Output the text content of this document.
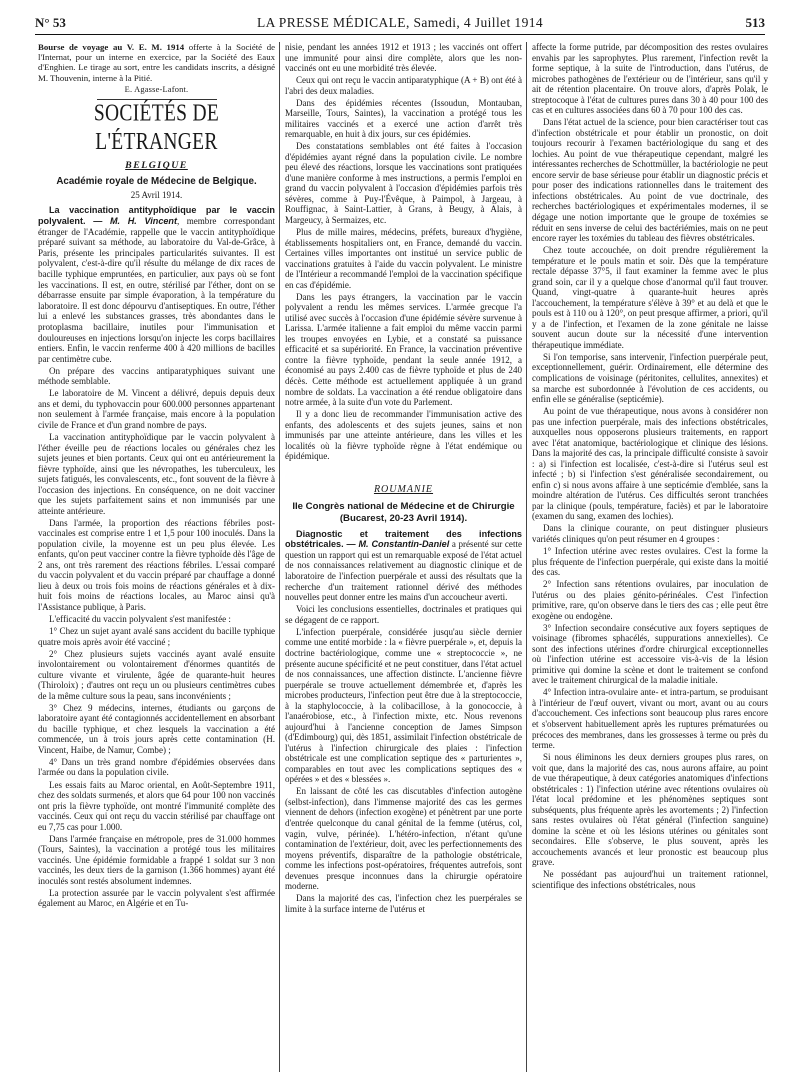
N° 53	LA PRESSE MÉDICALE, Samedi, 4 Juillet 1914	513

Bourse de voyage au V. E. M. 1914 offerte à la Société de l'Internat, pour un interne en exercice, par la Société des Eaux d'Enghien. Le tirage au sort, entre les candidats inscrits, a désigné M. Thouvenin, interne à la Pitié.

E. Agasse-Lafont.

SOCIÉTÉS DE L'ÉTRANGER

BELGIQUE

Académie royale de Médecine de Belgique.

25 Avril 1914.

La vaccination antityphoïdique par le vaccin polyvalent. — M. H. Vincent, membre correspondant étranger de l'Académie, rappelle que le vaccin antityphoïdique préparé suivant sa méthode, au laboratoire du Val-de-Grâce, à Paris, présente les principales particularités suivantes. Il est polyvalent, c'est-à-dire qu'il résulte du mélange de dix races de bacille typhique empruntées, en particulier, aux pays où se font les vaccinations. Il est, en outre, stérilisé par l'éther, dont on se débarrasse ensuite par simple évaporation, à la température du laboratoire. Il est donc dépourvu d'antiseptiques. En outre, l'éther lui a enlevé les substances grasses, très abondantes dans le protoplasma bacillaire, inutiles pour l'immunisation et douloureuses en injections lorsqu'on injecte les corps bacillaires entiers. Enfin, le vaccin renferme 400 à 420 millions de bacilles par centimètre cube.

On prépare des vaccins antiparatyphiques suivant une méthode semblable.

Le laboratoire de M. Vincent a délivré, depuis depuis deux ans et demi, du typhovaccin pour 600.000 personnes appartenant non seulement à l'armée française, mais encore à la population civile de France et d'un grand nombre de pays.

La vaccination antityphoïdique par le vaccin polyvalent à l'éther éveille peu de réactions locales ou générales chez les sujets jeunes et bien portants. Ceux qui ont eu antérieurement la fièvre typhoïde, ainsi que les névropathes, les tuberculeux, les sujets fatigués, les convalescents, etc., font souvent de la fièvre à l'occasion des injections. En conséquence, on ne doit vacciner que les sujets parfaitement sains et non immunisés par une atteinte antérieure.

Dans l'armée, la proportion des réactions fébriles post-vaccinales est comprise entre 1 et 1,5 pour 100 inoculés. Dans la population civile, la moyenne est un peu plus élevée. Les enfants, qu'on peut vacciner contre la fièvre typhoïde dès l'âge de 2 ans, ont très rarement des réactions fébriles. L'essai comparé du vaccin polyvalent et du vaccin préparé par chauffage a donné lieu à deux ou trois fois moins de réactions générales et à dix-huit fois moins de réactions locales, au Maroc ainsi qu'à l'Assistance publique, à Paris.

L'efficacité du vaccin polyvalent s'est manifestée :

1° Chez un sujet ayant avalé sans accident du bacille typhique quatre mois après avoir été vacciné ;

2° Chez plusieurs sujets vaccinés ayant avalé ensuite involontairement ou volontairement d'énormes quantités de culture vivante et virulente, âgée de quarante-huit heures (Thiroloix) ; d'autres ont reçu un ou plusieurs centimètres cubes de la même culture sous la peau, sans inconvénients ;

3° Chez 9 médecins, internes, étudiants ou garçons de laboratoire ayant été contagionnés accidentellement en absorbant du bacille typhique, et chez lesquels la vaccination a été commencée, un à trois jours après cette contamination (H. Vincent, Haibe, de Namur, Combe) ;

4° Dans un très grand nombre d'épidémies observées dans l'armée ou dans la population civile.

Les essais faits au Maroc oriental, en Août-Septembre 1911, chez des soldats surmenés, et alors que 64 pour 100 non vaccinés ont pris la fièvre typhoïde, ont montré l'immunité complète des vaccinés. Ceux qui ont reçu du vaccin stérilisé par chauffage ont eu 7,75 cas pour 1.000.

Dans l'armée française en métropole, pres de 31.000 hommes (Tours, Saintes), la vaccination a protégé tous les militaires vaccinés. Une épidémie formidable a frappé 1 soldat sur 3 non vaccinés, les deux tiers de la garnison (1.366 hommes) ayant été inoculés sont restés absolument indemnes.

La protection assurée par le vaccin polyvalent s'est affirmée également au Maroc, en Algérie et en Tu-

nisie, pendant les années 1912 et 1913 ; les vaccinés ont offert une immunité pour ainsi dire complète, alors que les non-vaccinés ont eu une morbidité très élevée.

Ceux qui ont reçu le vaccin antiparatyphique (A + B) ont été à l'abri des deux maladies.

Dans des épidémies récentes (Issoudun, Montauban, Marseille, Tours, Saintes), la vaccination a protégé tous les militaires vaccinés et a exercé une action d'arrêt très remarquable, en huit à dix jours, sur ces épidémies.

Des constatations semblables ont été faites à l'occasion d'épidémies ayant régné dans la population civile. Le nombre peu élevé des réactions, lorsque les vaccinations sont pratiquées d'une manière conforme à mes instructions, a permis l'emploi en grand du vaccin polyvalent à l'occasion d'épidémies parfois très sévères, comme à Puy-l'Évêque, à Paimpol, à Jargeau, à Rouffignac, à Saint-Lattier, à Grans, à Beugy, à Alais, à Margeucy, à Sermaizes, etc.

Plus de mille maires, médecins, préfets, bureaux d'hygiène, établissements hospitaliers ont, en France, demandé du vaccin. Certaines villes importantes ont institué un service public de vaccinations gratuites à l'aide du vaccin polyvalent. Le ministre de l'Intérieur a recommandé l'emploi de la vaccination spécifique en cas d'épidémie.

Dans les pays étrangers, la vaccination par le vaccin polyvalent a rendu les mêmes services. L'armée grecque l'a utilisé avec succès à l'occasion d'une épidémie sévère survenue à Larissa. L'armée italienne a fait emploi du même vaccin parmi les troupes envoyées en Lybie, et a constaté sa puissance efficacité et sa supériorité. En France, la vaccination préventive contre la fièvre typhoïde, pendant la seule année 1912, a économisé au pays 2.400 cas de fièvre typhoïde et plus de 240 décès. Cette méthode est actuellement appliquée à un grand nombre de soldats. La vaccination a été rendue obligatoire dans notre armée, à la suite d'un vote du Parlement.

Il y a donc lieu de recommander l'immunisation active des enfants, des adolescents et des sujets jeunes, sains et non immunisés par une atteinte antérieure, dans les villes et les localités où la fièvre typhoïde règne à l'état endémique ou épidémique.

ROUMANIE

IIe Congrès national de Médecine et de Chirurgie (Bucarest, 20-23 Avril 1914).

Diagnostic et traitement des infections obstétricales. — M. Constantin-Daniel a présenté sur cette question un rapport qui est un remarquable exposé de l'état actuel de nos connaissances relativement au diagnostic clinique et de laboratoire de l'infection puerpérale et aussi des résultats que la recherche d'un traitement rationnel dérivé des méthodes nouvelles peut donner entre les mains d'un accoucheur averti.

Voici les conclusions essentielles, doctrinales et pratiques qui se dégagent de ce rapport.

L'infection puerpérale, considérée jusqu'au siècle dernier comme une entité morbide : la « fièvre puerpérale », et, depuis la doctrine bactériologique, comme une « streptococcie », ne présente aucune spécificité et ne peut constituer, dans l'état actuel de nos connaissances, une affection distincte. L'ancienne fièvre puerpérale se trouve actuellement démembrée et, d'après les microbes producteurs, l'infection peut être due à la streptococcie, à la staphylococcie, à la colibacillose, à la gonococcie, à l'anaérobiose, etc., à l'infection mixte, etc. Nous revenons aujourd'hui à l'ancienne conception de James Simpson (d'Edimbourg) qui, dès 1851, assimilait l'infection obstétricale de l'utérus à l'infection chirurgicale des plaies : l'infection obstétricale est une complication septique des « parturientes », comparables en tout avec les complications septiques des « opérées » et des « blessées ».

En laissant de côté les cas discutables d'infection autogène (selbst-infection), dans l'immense majorité des cas les germes viennent de dehors (infection exogène) et pénètrent par une porte d'entrée quelconque du canal génital de la femme (utérus, col, vagin, vulve, périnée). L'hétéro-infection, n'étant qu'une contamination de l'extérieur, doit, avec les perfectionnements des moyens préventifs, disparaître de la pathologie obstétricale, comme les infections post-opératoires, fréquentes autrefois, sont devenues presque inconnues dans la chirurgie opératoire moderne.

Dans la majorité des cas, l'infection chez les puerpérales se limite à la surface interne de l'utérus et

affecte la forme putride, par décomposition des restes ovulaires envahis par les saprophytes. Plus rarement, l'infection revêt la forme septique, à la suite de l'introduction, dans l'utérus, de microbes pathogènes de l'extérieur ou de l'intérieur, sans qu'il y ait de rétention placentaire. On trouve alors, d'après Polak, le streptocoque à l'état de cultures pures dans 30 à 40 pour 100 des cas et en cultures associées dans 60 à 70 pour 100 des cas.

Dans l'état actuel de la science, pour bien caractériser tout cas d'infection obstétricale et pour établir un pronostic, on doit toujours recourir à l'examen bactériologique du sang et des lochies. Au point de vue thérapeutique cependant, malgré les intéressantes recherches de Schottmüller, la bactériologie ne peut encore servir de base sérieuse pour établir un diagnostic précis et pour poser des indications rationnelles dans le traitement des infections obstétricales. Au point de vue doctrinale, des recherches bactériologiques et expérimentales modernes, il se dégage une notion importante que le groupe de toxémies se réduit en sens inverse de celui des bactériémies, mais on ne peut encore rayer les toxémies du tableau des fièvres obstétricales.

Chez toute accouchée, on doit prendre régulièrement la température et le pouls matin et soir. Dès que la température rectale dépasse 37°5, il faut examiner la femme avec le plus grand soin, car il y a quelque chose d'anormal qu'il faut trouver. Quand, vingt-quatre à quarante-huit heures après l'accouchement, la température s'élève à 39° et au delà et que le pouls est à 110 ou à 120°, on peut presque affirmer, a priori, qu'il y a de l'infection, et l'examen de la zone génitale ne laisse souvent aucun doute sur la nécessité d'une intervention thérapeutique immédiate.

Si l'on temporise, sans intervenir, l'infection puerpérale peut, exceptionnellement, guérir. Ordinairement, elle détermine des complications de voisinage (péritonites, cellulites, annexites) et sa marche est subordonnée à l'évolution de ces accidents, ou enfin elle se généralise (septicémie).

Au point de vue thérapeutique, nous avons à considérer non pas une infection puerpérale, mais des infections obstétricales, auxquelles nous opposerons plusieurs traitements, en rapport avec l'état anatomique, bactériologique et clinique des lésions. Dans la majorité des cas, la principale difficulté consiste à savoir : a) si l'infection est localisée, c'est-à-dire si l'utérus seul est infecté ; b) si l'infection s'est généralisée secondairement, ou enfin c) si nous avons affaire à une septicémie d'emblée, sans la moindre altération de l'utérus. Ces difficultés seront tranchées par la clinique (pouls, température, faciès) et par le laboratoire (examen du sang, examen des lochies).

Dans la clinique courante, on peut distinguer plusieurs variétés cliniques qu'on peut résumer en 4 groupes :

1° Infection utérine avec restes ovulaires. C'est la forme la plus fréquente de l'infection puerpérale, qui existe dans la moitié des cas.

2° Infection sans rétentions ovulaires, par inoculation de l'utérus ou des plaies génito-périnéales. C'est l'infection primitive, rare, qu'on observe dans le tiers des cas ; elle peut être exogène ou endogène.

3° Infection secondaire consécutive aux foyers septiques de voisinage (fibromes sphacélés, suppurations annexielles). Ce sont des infections utérines d'ordre chirurgical exceptionnelles où l'infection utérine est accessoire vis-à-vis de la lésion primitive qui domine la scène et dont le traitement se confond avec le traitement chirurgical de la maladie initiale.

4° Infection intra-ovulaire ante- et intra-partum, se produisant à l'intérieur de l'œuf ouvert, vivant ou mort, avant ou au cours d'accouchement. Ces infections sont beaucoup plus rares encore et s'observent habituellement après les ruptures prématurées ou précoces des membranes, dans les grossesses à terme ou près du terme.

Si nous éliminons les deux derniers groupes plus rares, on voit que, dans la majorité des cas, nous aurons affaire, au point de vue thérapeutique, à deux catégories anatomiques d'infections obstétricales : 1) l'infection utérine avec rétentions ovulaires où l'état local prédomine et les phénomènes septiques sont subséquents, plus fréquente après les avortements ; 2) l'infection sans restes ovulaires où l'état général (l'infection sanguine) domine la scène et où les lésions utérines ou génitales sont secondaires. Elle s'observe, le plus souvent, après les accouchements avancés et leur pronostic est beaucoup plus grave.

Ne possédant pas aujourd'hui un traitement rationnel, scientifique des infections obstétricales, nous
